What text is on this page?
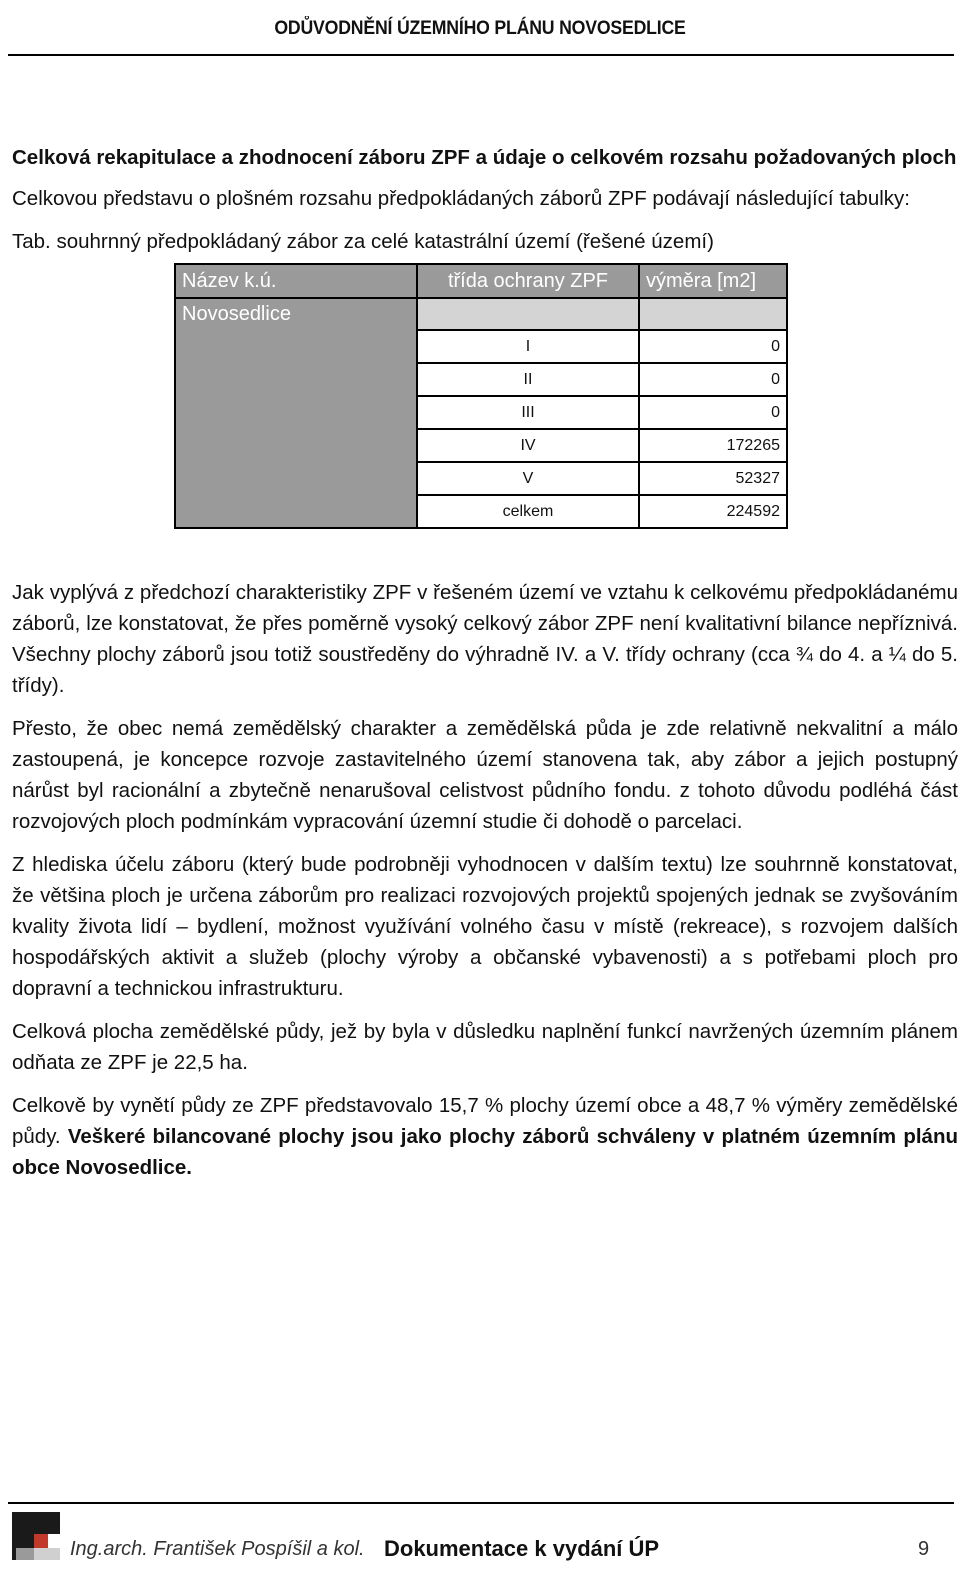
ODŮVODNĚNÍ ÚZEMNÍHO PLÁNU NOVOSEDLICE
Celková rekapitulace a zhodnocení záboru ZPF a údaje o celkovém rozsahu požadovaných ploch

Celkovou představu o plošném rozsahu předpokládaných záborů ZPF podávají následující tabulky:

Tab. souhrnný předpokládaný zábor za celé katastrální území (řešené území)

Název k.ú.	třída ochrany ZPF	výměra [m2]

Novosedlice		

	I	0
	II	0
	III	0
	IV	172265
	V	52327
	celkem	224592

Jak vyplývá z předchozí charakteristiky ZPF v řešeném území ve vztahu k celkovému předpokládanému záborů, lze konstatovat, že přes poměrně vysoký celkový zábor ZPF není kvalitativní bilance nepříznivá. Všechny plochy záborů jsou totiž soustředěny do výhradně IV. a V. třídy ochrany (cca ¾ do 4. a ¼ do 5. třídy).

Přesto, že obec nemá zemědělský charakter a zemědělská půda je zde relativně nekvalitní a málo zastoupená, je koncepce rozvoje zastavitelného území stanovena tak, aby zábor a jejich postupný nárůst byl racionální a zbytečně nenarušoval celistvost půdního fondu. z tohoto důvodu podléhá část rozvojových ploch podmínkám vypracování územní studie či dohodě o parcelaci.

Z hlediska účelu záboru (který bude podrobněji vyhodnocen v dalším textu) lze souhrnně konstatovat, že většina ploch je určena záborům pro realizaci rozvojových projektů spojených jednak se zvyšováním kvality života lidí – bydlení, možnost využívání volného času v místě (rekreace), s rozvojem dalších hospodářských aktivit a služeb (plochy výroby a občanské vybavenosti) a s potřebami ploch pro dopravní a technickou infrastrukturu.

Celková plocha zemědělské půdy, jež by byla v důsledku naplnění funkcí navržených územním plánem odňata ze ZPF je 22,5 ha.

Celkově by vynětí půdy ze ZPF představovalo 15,7 % plochy území obce a 48,7 % výměry zemědělské půdy. Veškeré bilancované plochy jsou jako plochy záborů schváleny v platném územním plánu obce Novosedlice.

Ing.arch. František Pospíšil a kol. Dokumentace k vydání ÚP	9
